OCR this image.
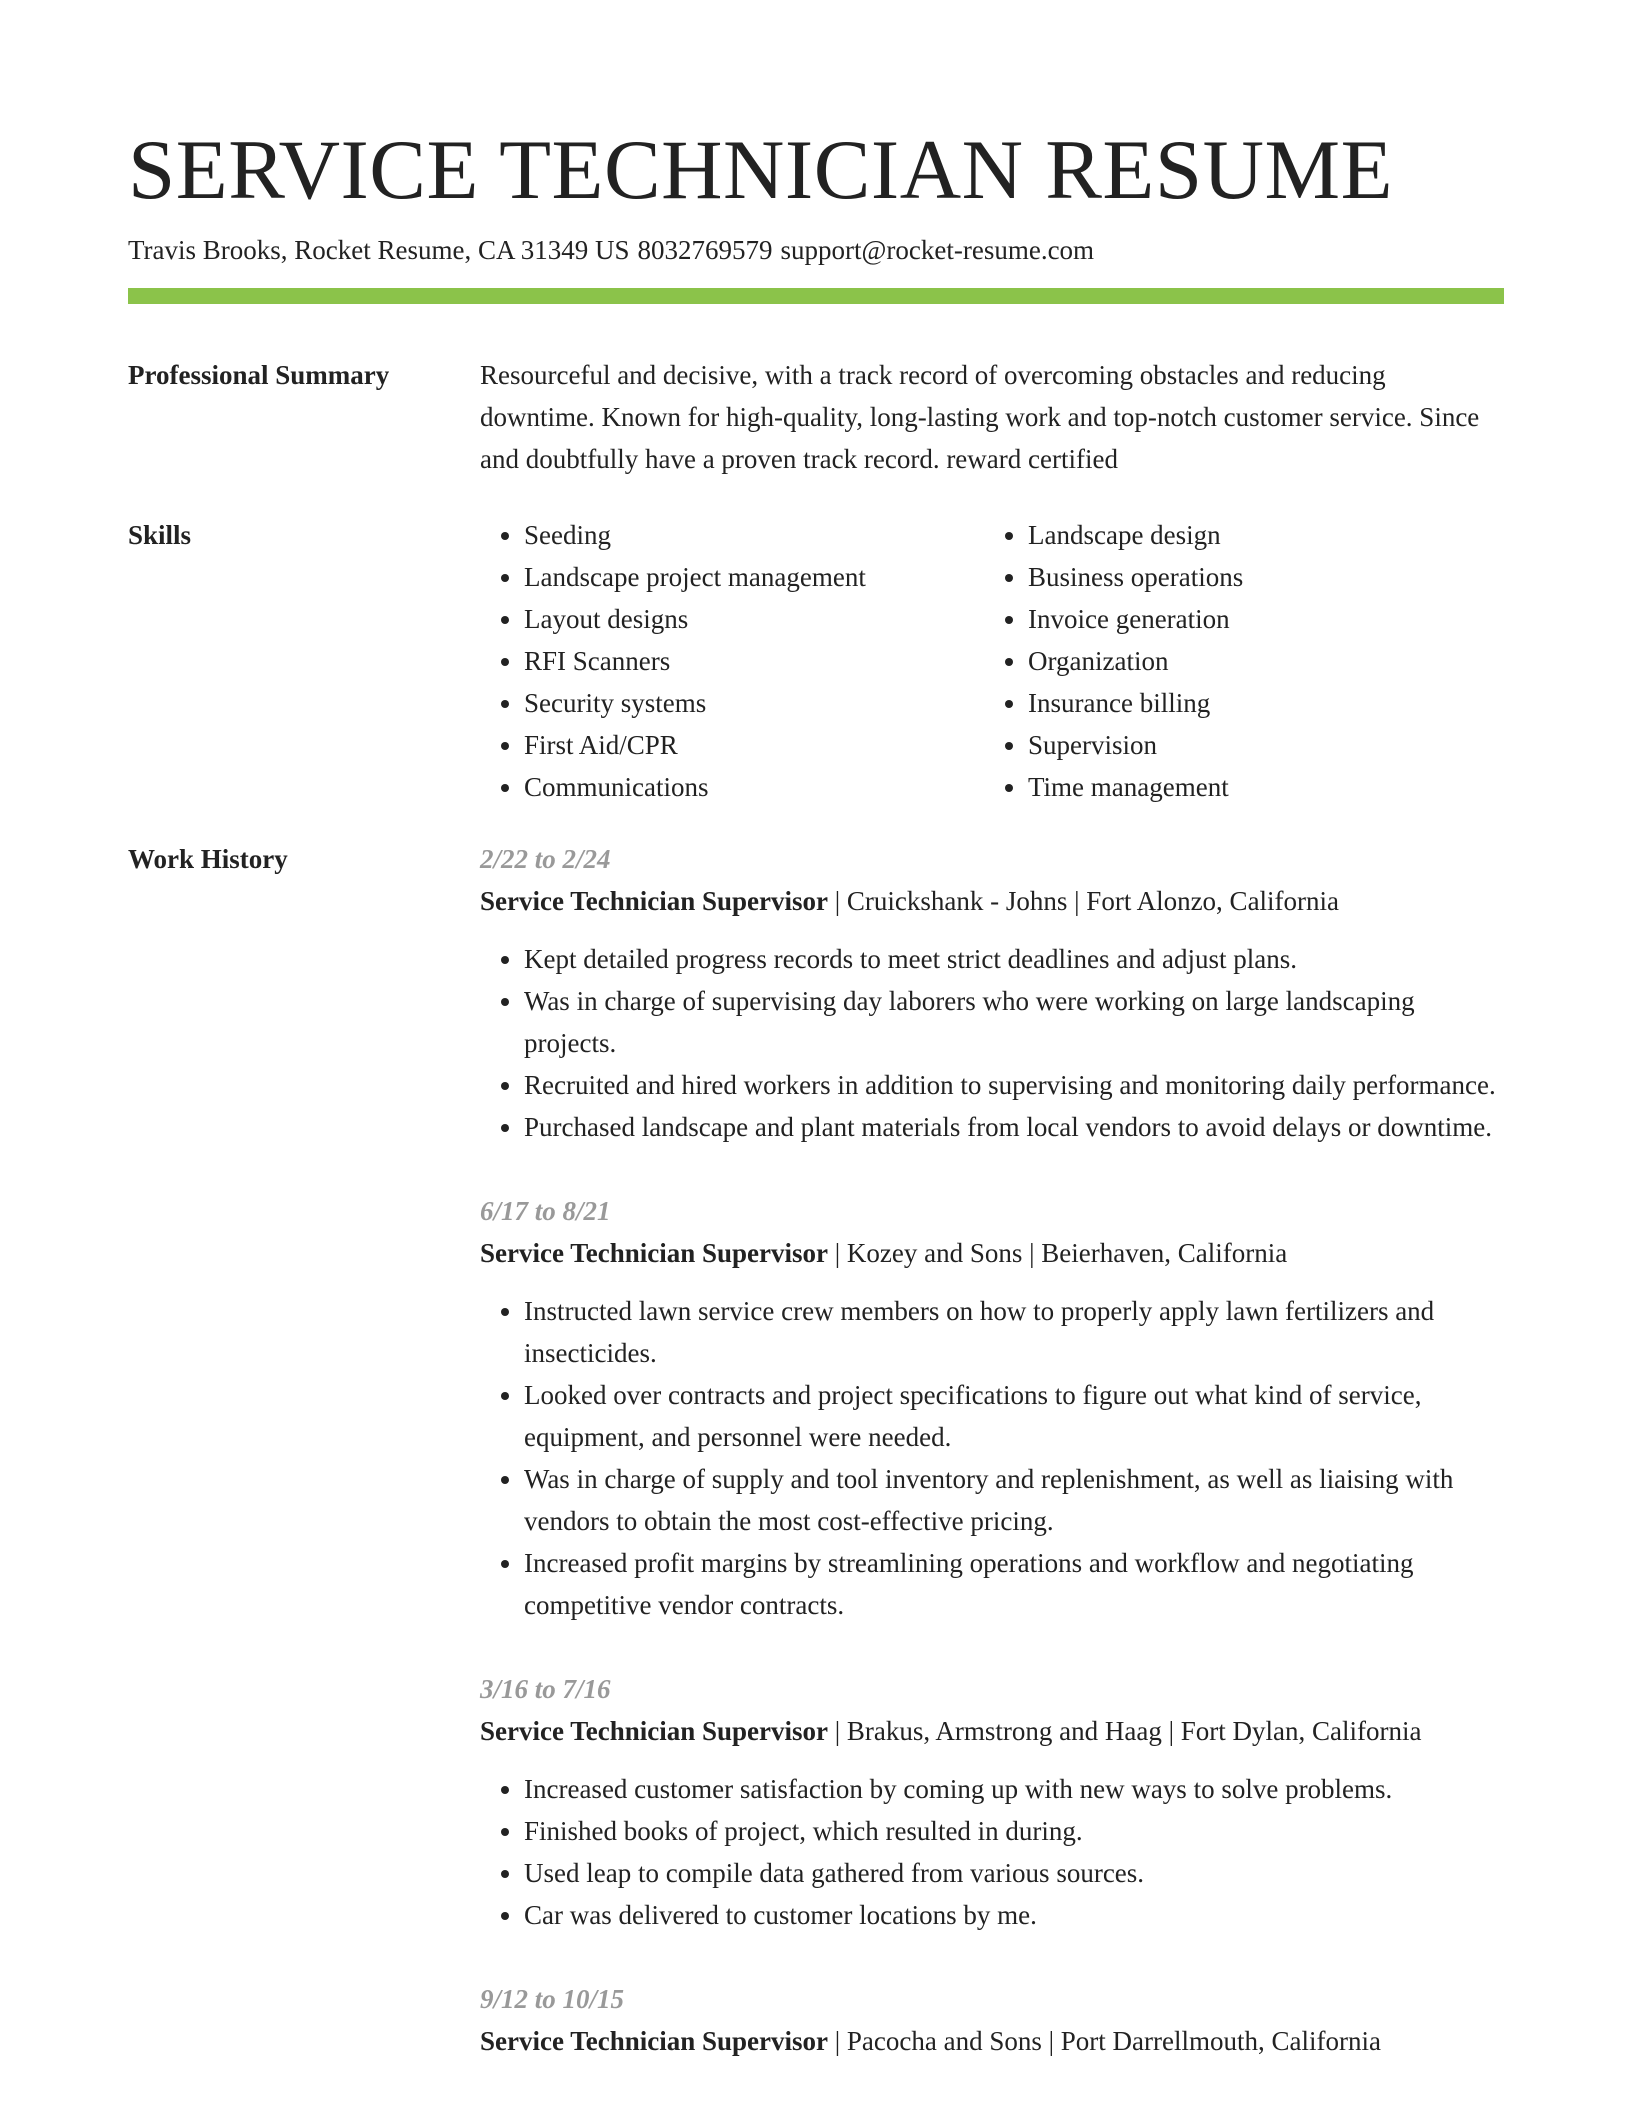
SERVICE TECHNICIAN RESUME
Travis Brooks, Rocket Resume, CA 31349 US 8032769579 support@rocket-resume.com
Professional Summary	Resourceful and decisive, with a track record of overcoming obstacles and reducing downtime. Known for high-quality, long-lasting work and top-notch customer service. Since and doubtfully have a proven track record. reward certified

Skills
•	Seeding
• Landscape project management
• Layout designs
• RFI Scanners
• Security systems
• First Aid/CPR
• Communications
• Landscape design
• Business operations
• Invoice generation
• Organization
• Insurance billing
• Supervision
• Time management
Work History	2/22 to 2/24
Service Technician Supervisor | Cruickshank - Johns | Fort Alonzo, California
• Kept detailed progress records to meet strict deadlines and adjust plans.
• Was in charge of supervising day laborers who were working on large landscaping projects.
• Recruited and hired workers in addition to supervising and monitoring daily performance.
• Purchased landscape and plant materials from local vendors to avoid delays or downtime.
6/17 to 8/21
Service Technician Supervisor | Kozey and Sons | Beierhaven, California
• Instructed lawn service crew members on how to properly apply lawn fertilizers and insecticides.
• Looked over contracts and project specifications to figure out what kind of service, equipment, and personnel were needed.
• Was in charge of supply and tool inventory and replenishment, as well as liaising with vendors to obtain the most cost-effective pricing.
• Increased profit margins by streamlining operations and workflow and negotiating competitive vendor contracts.
3/16 to 7/16
Service Technician Supervisor | Brakus, Armstrong and Haag | Fort Dylan, California
• Increased customer satisfaction by coming up with new ways to solve problems.
• Finished books of project, which resulted in during.
• Used leap to compile data gathered from various sources.
• Car was delivered to customer locations by me.
9/12 to 10/15
Service Technician Supervisor | Pacocha and Sons | Port Darrellmouth, California
